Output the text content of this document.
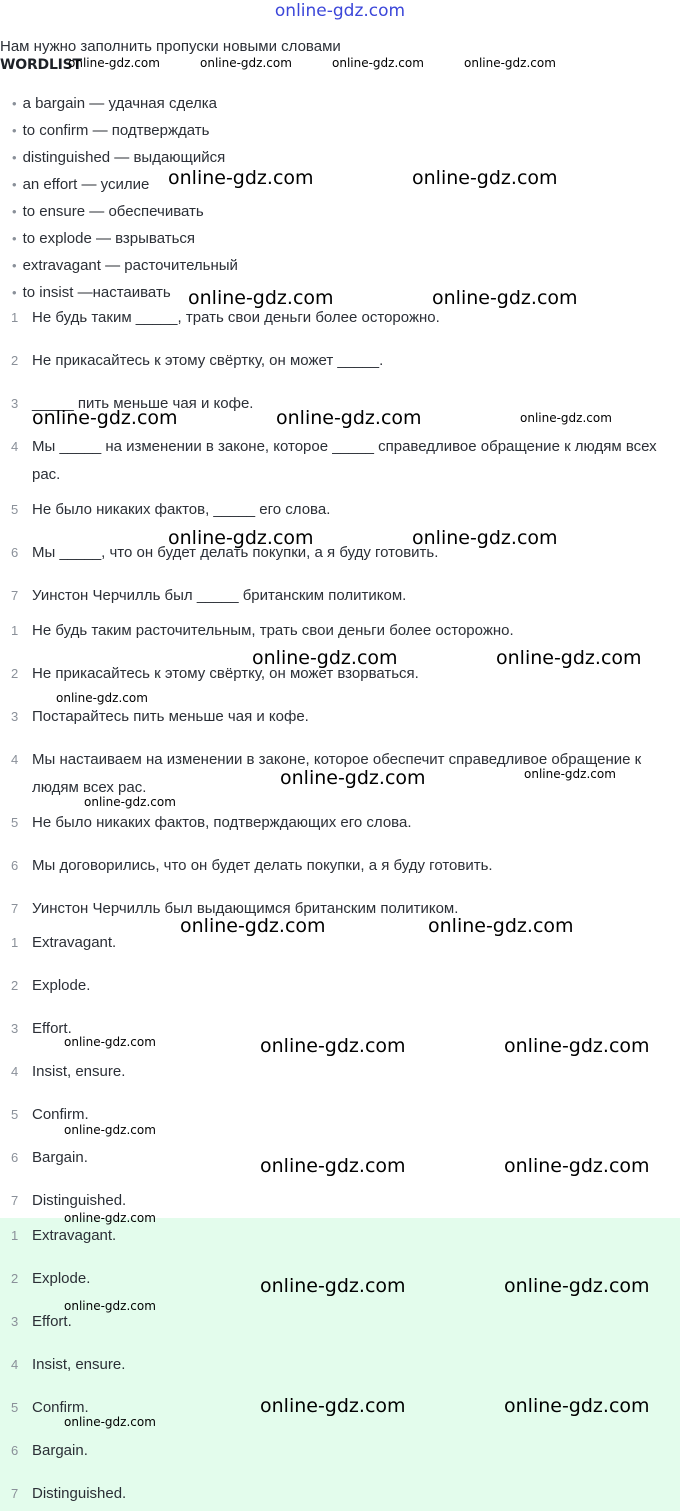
online-gdz.com
Нам нужно заполнить пропуски новыми словами
WORDLIST
• a bargain — удачная сделка
• to confirm — подтверждать
• distinguished — выдающийся
• an effort — усилие
• to ensure — обеспечивать
• to explode — взрываться
• extravagant — расточительный
• to insist —настаивать
1 Не будь таким _____, трать свои деньги более осторожно.
2 Не прикасайтесь к этому свёртку, он может _____.
3 _____ пить меньше чая и кофе.
4 Мы _____ на изменении в законе, которое _____ справедливое обращение к людям всех рас.
5 Не было никаких фактов, _____ его слова.
6 Мы _____, что он будет делать покупки, а я буду готовить.
7 Уинстон Черчилль был _____ британским политиком.
1 Не будь таким расточительным, трать свои деньги более осторожно.
2 Не прикасайтесь к этому свёртку, он может взорваться.
3 Постарайтесь пить меньше чая и кофе.
4 Мы настаиваем на изменении в законе, которое обеспечит справедливое обращение к людям всех рас.
5 Не было никаких фактов, подтверждающих его слова.
6 Мы договорились, что он будет делать покупки, а я буду готовить.
7 Уинстон Черчилль был выдающимся британским политиком.
1 Extravagant.
2 Explode.
3 Effort.
4 Insist, ensure.
5 Confirm.
6 Bargain.
7 Distinguished.
1 Extravagant.
2 Explode.
3 Effort.
4 Insist, ensure.
5 Confirm.
6 Bargain.
7 Distinguished.
online-gdz.com	online-gdz.com	online-gdz.com	online-gdz.com
online-gdz.com	online-gdz.com
online-gdz.com	online-gdz.com
online-gdz.com	online-gdz.com	online-gdz.com
online-gdz.com	online-gdz.com
online-gdz.com	online-gdz.com
online-gdz.com
online-gdz.com	online-gdz.com
online-gdz.com
online-gdz.com	online-gdz.com
online-gdz.com	online-gdz.com	online-gdz.com
online-gdz.com
online-gdz.com	online-gdz.com
online-gdz.com
online-gdz.com	online-gdz.com
online-gdz.com
online-gdz.com	online-gdz.com
online-gdz.com
